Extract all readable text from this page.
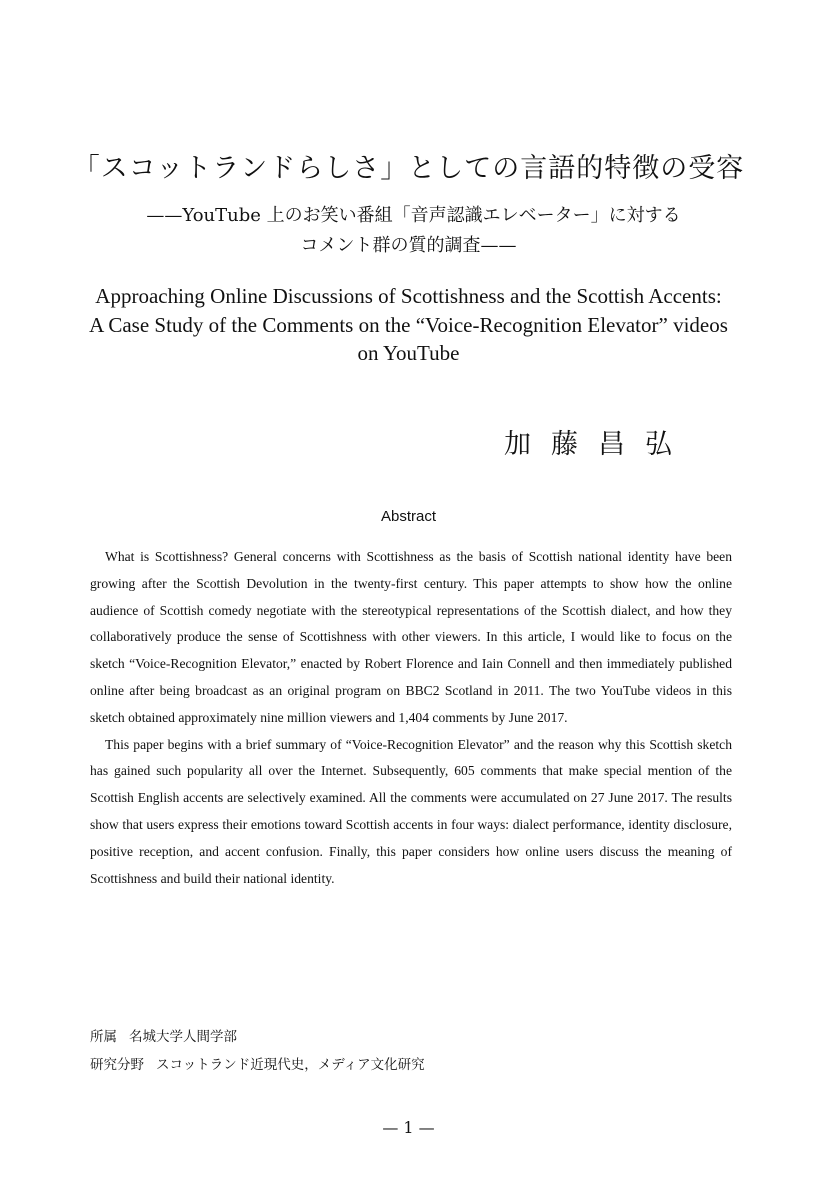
「スコットランドらしさ」としての言語的特徴の受容
——YouTube 上のお笑い番組「音声認識エレベーター」に対する
コメント群の質的調査——
Approaching Online Discussions of Scottishness and the Scottish Accents:
A Case Study of the Comments on the “Voice-Recognition Elevator” videos
on YouTube
加藤昌弘
Abstract

What is Scottishness? General concerns with Scottishness as the basis of Scottish national identity have been growing after the Scottish Devolution in the twenty-first century. This paper attempts to show how the online audience of Scottish comedy negotiate with the stereotypical representations of the Scottish dialect, and how they collaboratively produce the sense of Scottishness with other viewers. In this article, I would like to focus on the sketch “Voice-Recognition Elevator,” enacted by Robert Florence and Iain Connell and then immediately published online after being broadcast as an original program on BBC2 Scotland in 2011. The two YouTube videos in this sketch obtained approximately nine million viewers and 1,404 comments by June 2017.

This paper begins with a brief summary of “Voice-Recognition Elevator” and the reason why this Scottish sketch has gained such popularity all over the Internet. Subsequently, 605 comments that make special mention of the Scottish English accents are selectively examined. All the comments were accumulated on 27 June 2017. The results show that users express their emotions toward Scottish accents in four ways: dialect performance, identity disclosure, positive reception, and accent confusion. Finally, this paper considers how online users discuss the meaning of Scottishness and build their national identity.

所属 名城大学人間学部
研究分野 スコットランド近現代史，メディア文化研究
— 1 —
